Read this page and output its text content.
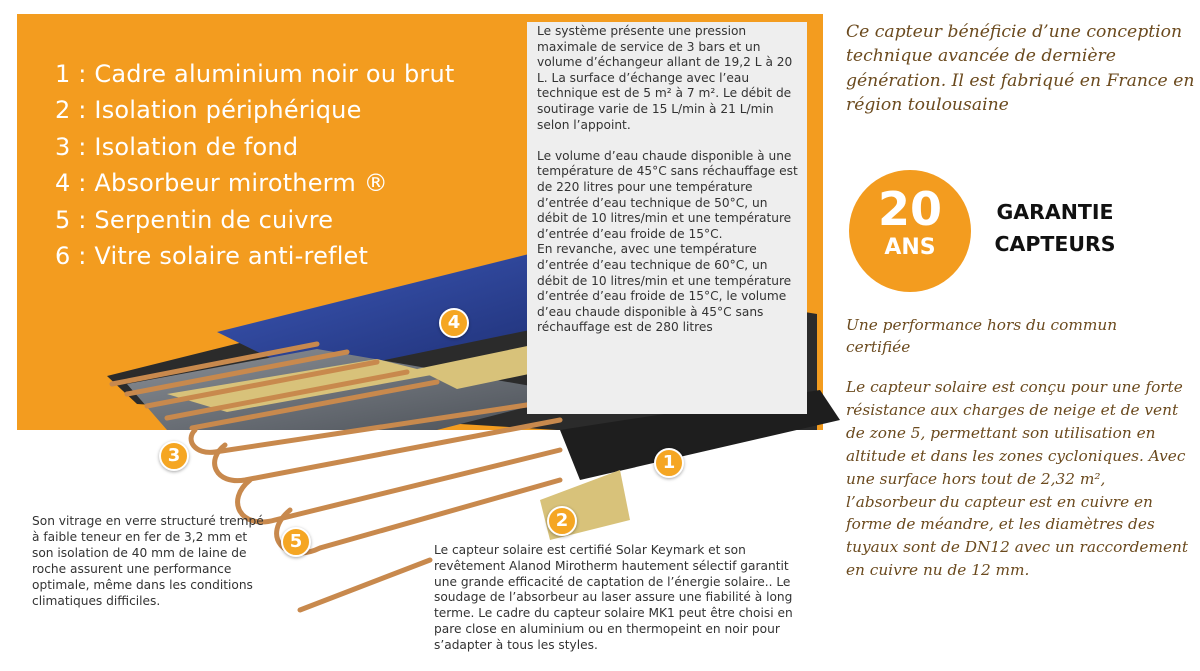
1 : Cadre aluminium noir ou brut
2 : Isolation périphérique
3 : Isolation de fond
4 : Absorbeur mirotherm ®
5 : Serpentin de cuivre
6 : Vitre solaire anti-reflet
1
2
3
4
5

Le système présente une pression maximale de service de 3 bars et un volume d’échangeur allant de 19,2 L à 20 L. La surface d’échange avec l’eau technique est de 5 m² à 7 m². Le débit de soutirage varie de 15 L/min à 21 L/min selon l’appoint.

Le volume d’eau chaude disponible à une température de 45°C sans réchauffage est de 220 litres pour une température d’entrée d’eau technique de 50°C, un débit de 10 litres/min et une température d’entrée d’eau froide de 15°C.

En revanche, avec une température d’entrée d’eau technique de 60°C, un débit de 10 litres/min et une température d’entrée d’eau froide de 15°C, le volume d’eau chaude disponible à 45°C sans réchauffage est de 280 litres

Son vitrage en verre structuré trempé à faible teneur en fer de 3,2 mm et son isolation de 40 mm de laine de roche assurent une performance optimale, même dans les conditions climatiques difficiles.

Le capteur solaire est certifié Solar Keymark et son revêtement Alanod Mirotherm hautement sélectif garantit une grande efficacité de captation de l’énergie solaire.. Le soudage de l’absorbeur au laser assure une fiabilité à long terme. Le cadre du capteur solaire MK1 peut être choisi en pare close en aluminium ou en thermopeint en noir pour s’adapter à tous les styles.

Ce capteur bénéficie d’une conception technique avancée de dernière génération. Il est fabriqué en France en région toulousaine

20
ANS
GARANTIE
CAPTEURS

Une performance hors du commun certifiée

Le capteur solaire est conçu pour une forte résistance aux charges de neige et de vent de zone 5, permettant son utilisation en altitude et dans les zones cycloniques. Avec une surface hors tout de 2,32 m², l’absorbeur du capteur est en cuivre en forme de méandre, et les diamètres des tuyaux sont de DN12 avec un raccordement en cuivre nu de 12 mm.
